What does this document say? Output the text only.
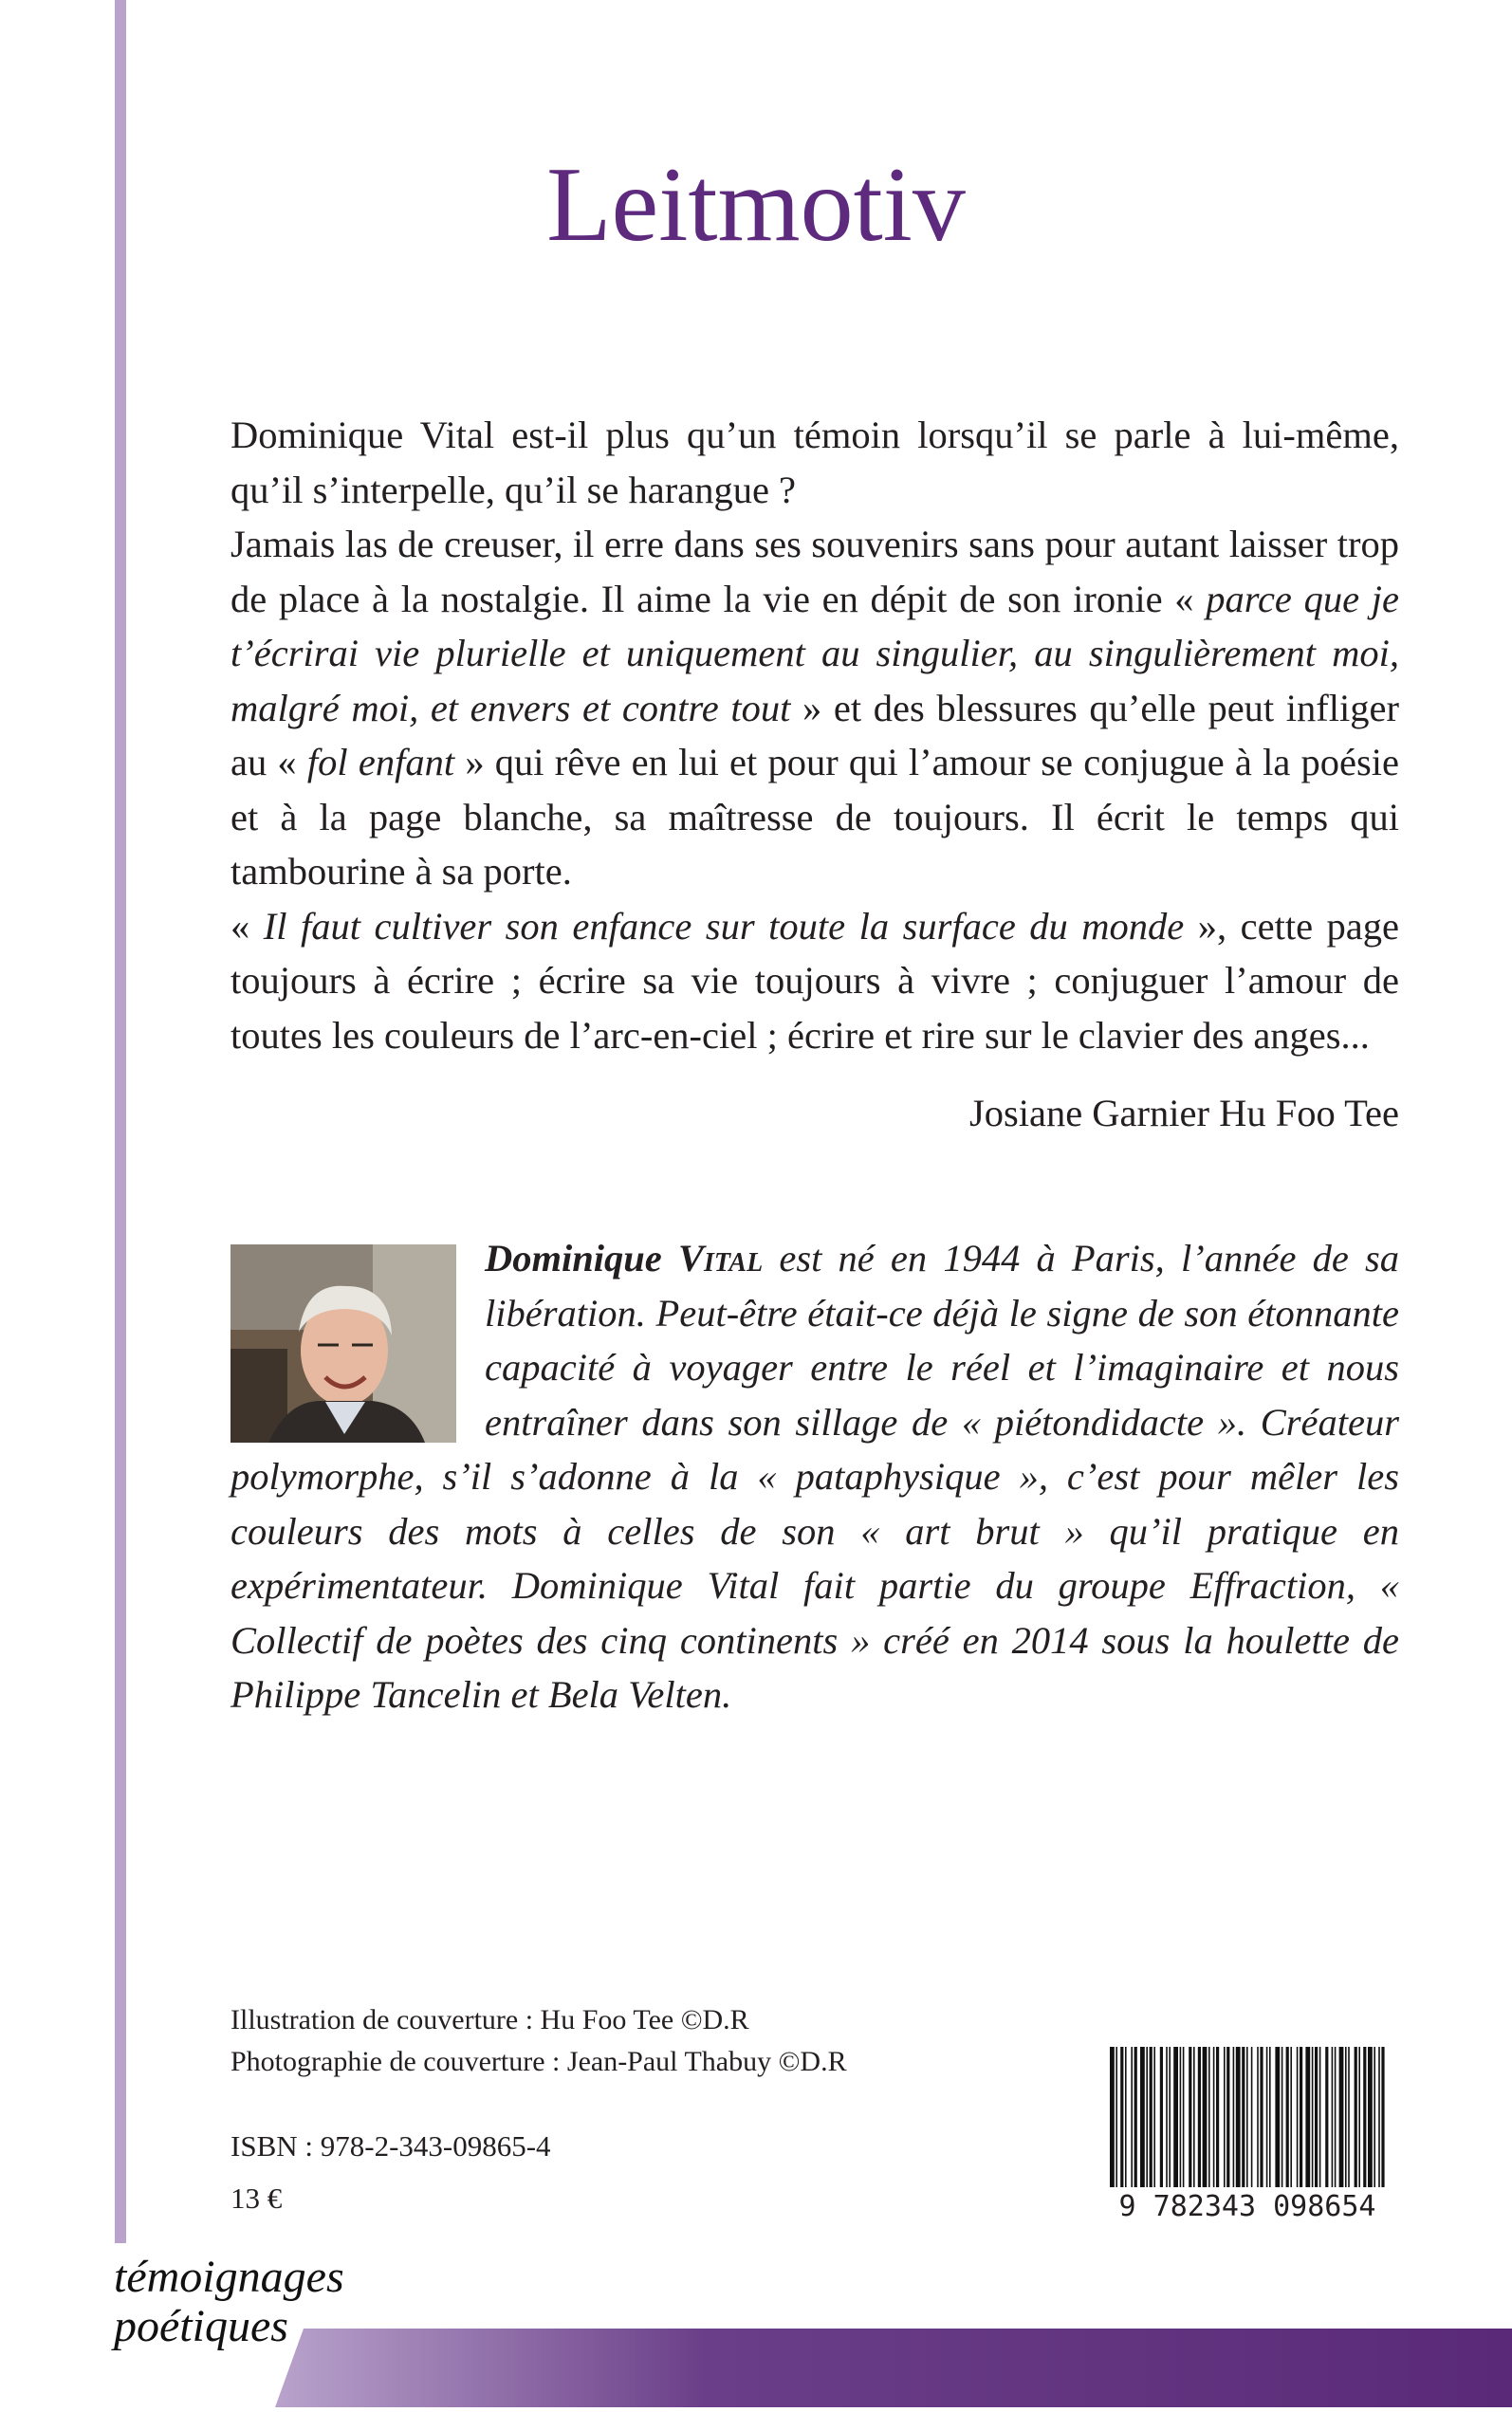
Leitmotiv

Dominique Vital est-il plus qu’un témoin lorsqu’il se parle à lui-même, qu’il s’interpelle, qu’il se harangue ?

Jamais las de creuser, il erre dans ses souvenirs sans pour autant laisser trop de place à la nostalgie. Il aime la vie en dépit de son ironie « parce que je t’écrirai vie plurielle et uniquement au singulier, au singulièrement moi, malgré moi, et envers et contre tout » et des blessures qu’elle peut infliger au « fol enfant » qui rêve en lui et pour qui l’amour se conjugue à la poésie et à la page blanche, sa maîtresse de toujours. Il écrit le temps qui tambourine à sa porte.

« Il faut cultiver son enfance sur toute la surface du monde », cette page toujours à écrire ; écrire sa vie toujours à vivre ; conjuguer l’amour de toutes les couleurs de l’arc-en-ciel ; écrire et rire sur le clavier des anges...

Josiane Garnier Hu Foo Tee
Dominique Vital est né en 1944 à Paris, l’année de sa libération. Peut-être était-ce déjà le signe de son étonnante capacité à voyager entre le réel et l’imaginaire et nous entraîner dans son sillage de « piétondidacte ». Créateur polymorphe, s’il s’adonne à la « pataphysique », c’est pour mêler les couleurs des mots à celles de son « art brut » qu’il pratique en expérimentateur. Dominique Vital fait partie du groupe Effraction, « Collectif de poètes des cinq continents » créé en 2014 sous la houlette de Philippe Tancelin et Bela Velten.
Illustration de couverture : Hu Foo Tee ©D.R
Photographie de couverture : Jean-Paul Thabuy ©D.R
ISBN : 978-2-343-09865-4
13 €	9 782343 098654
témoignages
poétiques
